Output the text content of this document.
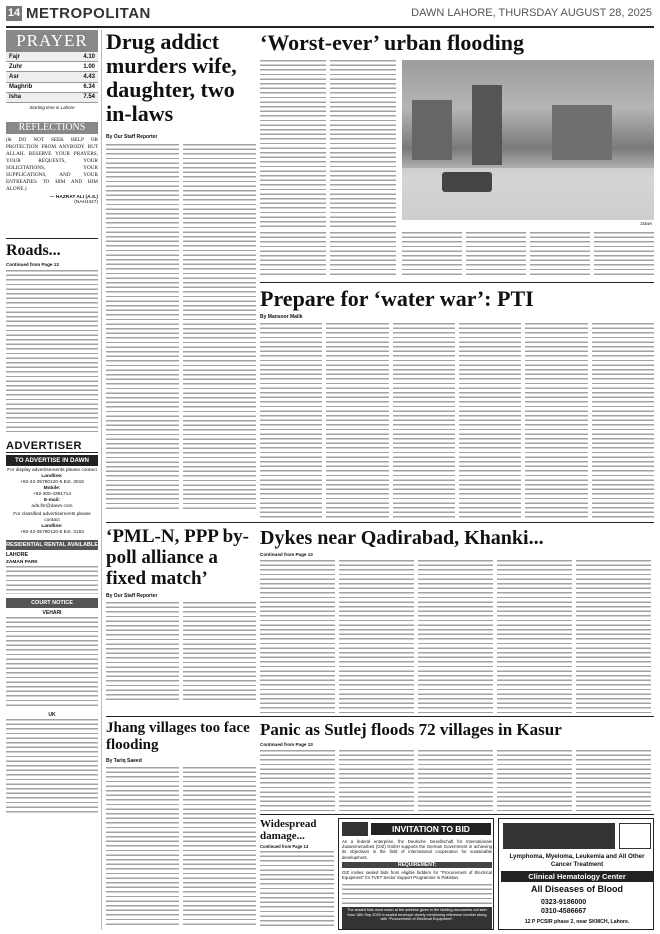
14 METROPOLITAN	DAWN LAHORE, THURSDAY AUGUST 28, 2025
PRAYER
Fajr	4.10
Zuhr	1.00
Asr	4.43
Maghrib	6.34
Isha	7.54
Starting time in Lahore
REFLECTIONS
(& DO NOT SEEK HELP OR PROTECTION FROM ANYBODY BUT ALLAH. RESERVE YOUR PRAYERS, YOUR REQUESTS, YOUR SOLICITATIONS, YOUR SUPPLICATIONS, AND YOUR ENTREATIES TO HIM AND HIM ALONE.)
— HAZRAT ALI (A.S.)
(NAHJ427)
Roads...
Continued from Page 13
ADVERTISER
TO ADVERTISE IN DAWN
For display advertisements please contact
Landline:
+92-42-35780120-5 Ext. 3015
Mobile:
+92-300-4391714
E-mail:
ads.lhr@dawn.com
For classified advertisements please contact
Landline:
+92-42-35780120-5 Ext. 3153
RESIDENTIAL RENTAL AVAILABLE
LAHORE
ZAMAN PARK
COURT NOTICE
VEHARI
UK
Drug addict murders wife, daughter, two in-laws
By Our Staff Reporter
‘Worst-ever’ urban flooding
Dawn
Prepare for ‘water war’: PTI
By Mansoor Malik
‘PML-N, PPP by-poll alliance a fixed match’
By Our Staff Reporter
Dykes near Qadirabad, Khanki...
Continued from Page 13
Jhang villages too face flooding
By Tariq Saeed
Panic as Sutlej floods 72 villages in Kasur
Continued from Page 13
Widespread damage...
Continued from Page 13
INVITATION TO BID
As a federal enterprise, the Deutsche Gesellschaft für Internationale Zusammenarbeit (GIZ) GmbH supports the German Government in achieving its objectives in the field of international cooperation for sustainable development.
REQUIREMENT:
GIZ invites sealed bids from eligible bidders for “Procurement of Electrical Equipment” for TVET Sector Support Programme in Pakistan.
The sealed bids must reach at the address given in the bidding documents not later than 18th Sep 2025 in sealed envelope clearly mentioning reference number along with “Procurement of Electrical Equipment”.
Lymphoma, Myeloma, Leukemia and All Other Cancer Treatment
Clinical Hematology Center
All Diseases of Blood
0323-9186000
0310-4586667
12 P PCSIR phase 2, near SKMCH, Lahore.
